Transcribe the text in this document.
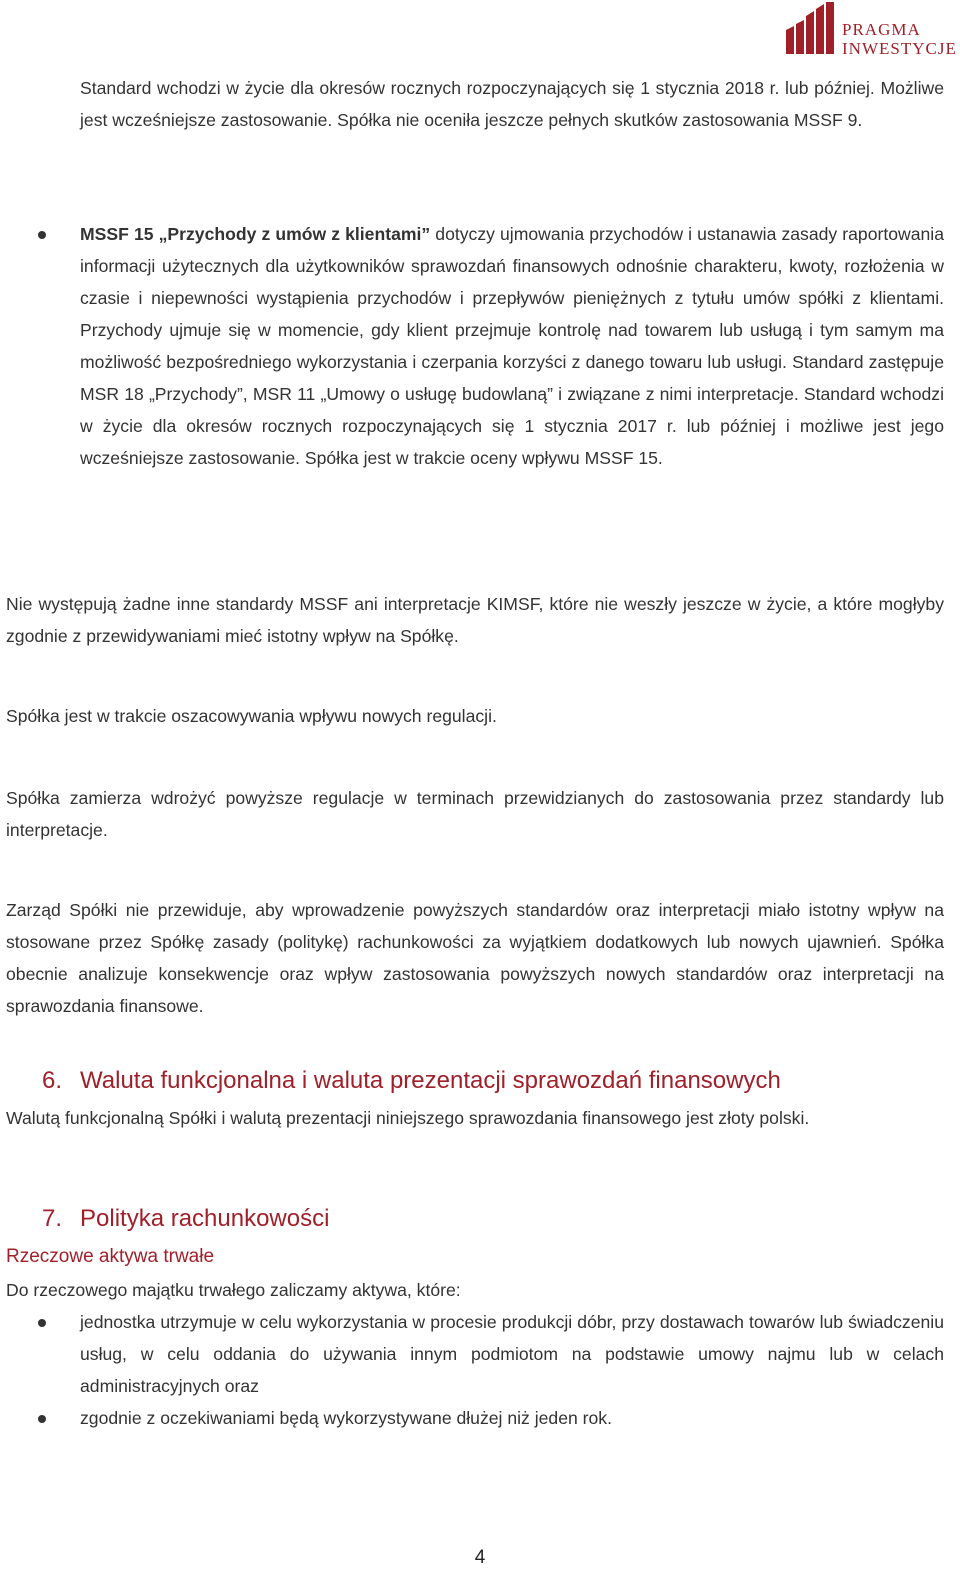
PRAGMA
INWESTYCJE
Standard wchodzi w życie dla okresów rocznych rozpoczynających się 1 stycznia 2018 r. lub później. Możliwe jest wcześniejsze zastosowanie. Spółka nie oceniła jeszcze pełnych skutków zastosowania MSSF 9.
MSSF 15 „Przychody z umów z klientami” dotyczy ujmowania przychodów i ustanawia zasady raportowania informacji użytecznych dla użytkowników sprawozdań finansowych odnośnie charakteru, kwoty, rozłożenia w czasie i niepewności wystąpienia przychodów i przepływów pieniężnych z tytułu umów spółki z klientami. Przychody ujmuje się w momencie, gdy klient przejmuje kontrolę nad towarem lub usługą i tym samym ma możliwość bezpośredniego wykorzystania i czerpania korzyści z danego towaru lub usługi. Standard zastępuje MSR 18 „Przychody”, MSR 11 „Umowy o usługę budowlaną” i związane z nimi interpretacje. Standard wchodzi w życie dla okresów rocznych rozpoczynających się 1 stycznia 2017 r. lub później i możliwe jest jego wcześniejsze zastosowanie. Spółka jest w trakcie oceny wpływu MSSF 15.
Nie występują żadne inne standardy MSSF ani interpretacje KIMSF, które nie weszły jeszcze w życie, a które mogłyby zgodnie z przewidywaniami mieć istotny wpływ na Spółkę.
Spółka jest w trakcie oszacowywania wpływu nowych regulacji.
Spółka zamierza wdrożyć powyższe regulacje w terminach przewidzianych do zastosowania przez standardy lub interpretacje.
Zarząd Spółki nie przewiduje, aby wprowadzenie powyższych standardów oraz interpretacji miało istotny wpływ na stosowane przez Spółkę zasady (politykę) rachunkowości za wyjątkiem dodatkowych lub nowych ujawnień. Spółka obecnie analizuje konsekwencje oraz wpływ zastosowania powyższych nowych standardów oraz interpretacji na sprawozdania finansowe.
6. Waluta funkcjonalna i waluta prezentacji sprawozdań finansowych
Walutą funkcjonalną Spółki i walutą prezentacji niniejszego sprawozdania finansowego jest złoty polski.
7. Polityka rachunkowości
Rzeczowe aktywa trwałe
Do rzeczowego majątku trwałego zaliczamy aktywa, które:
jednostka utrzymuje w celu wykorzystania w procesie produkcji dóbr, przy dostawach towarów lub świadczeniu usług, w celu oddania do używania innym podmiotom na podstawie umowy najmu lub w celach administracyjnych oraz
zgodnie z oczekiwaniami będą wykorzystywane dłużej niż jeden rok.
4
